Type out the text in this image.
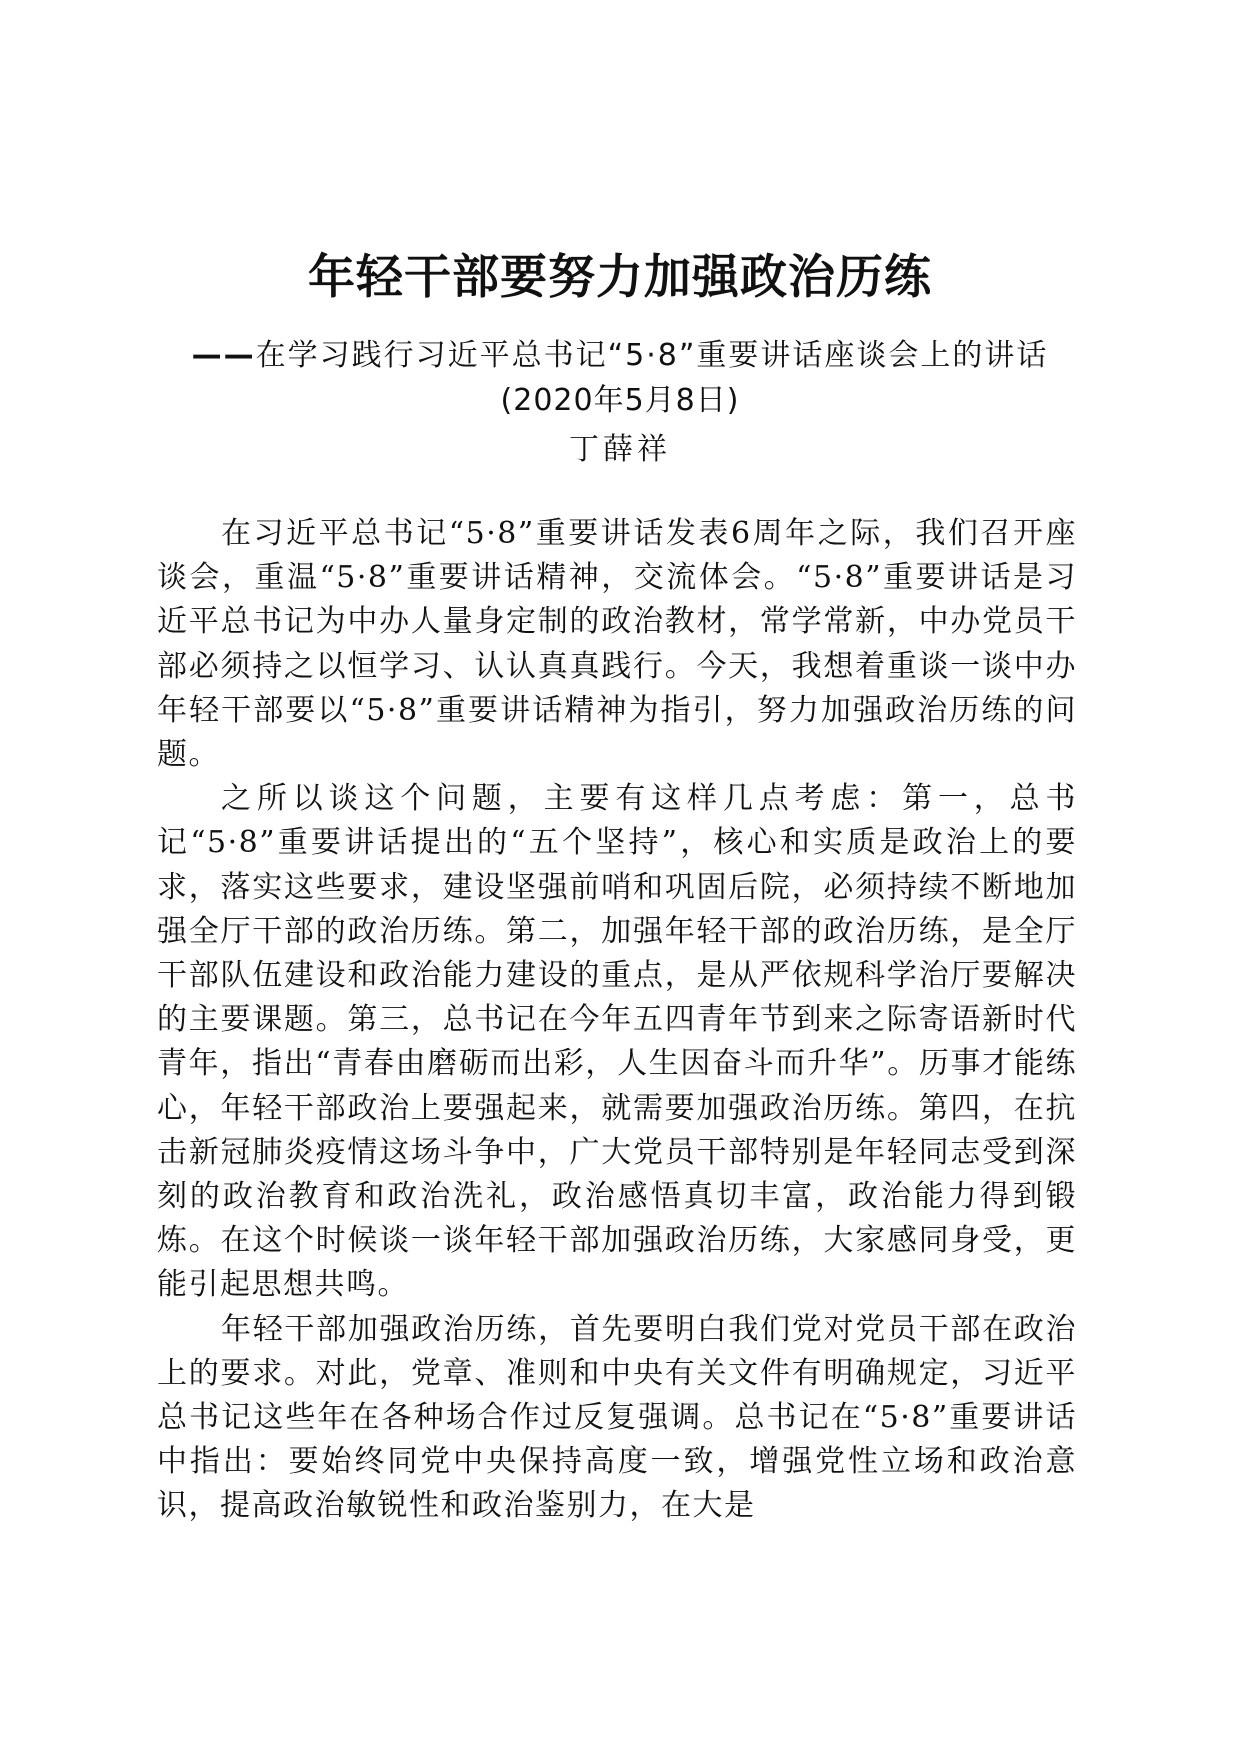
年轻干部要努力加强政治历练
——在学习践行习近平总书记“5·8”重要讲话座谈会上的讲话
(2020年5月8日)
丁薛祥

在习近平总书记“5·8”重要讲话发表6周年之际，我们召开座谈会，重温“5·8”重要讲话精神，交流体会。“5·8”重要讲话是习近平总书记为中办人量身定制的政治教材，常学常新，中办党员干部必须持之以恒学习、认认真真践行。今天，我想着重谈一谈中办年轻干部要以“5·8”重要讲话精神为指引，努力加强政治历练的问题。

之所以谈这个问题，主要有这样几点考虑：第一，总书记“5·8”重要讲话提出的“五个坚持”，核心和实质是政治上的要求，落实这些要求，建设坚强前哨和巩固后院，必须持续不断地加强全厅干部的政治历练。第二，加强年轻干部的政治历练，是全厅干部队伍建设和政治能力建设的重点，是从严依规科学治厅要解决的主要课题。第三，总书记在今年五四青年节到来之际寄语新时代青年，指出“青春由磨砺而出彩，人生因奋斗而升华”。历事才能练心，年轻干部政治上要强起来，就需要加强政治历练。第四，在抗击新冠肺炎疫情这场斗争中，广大党员干部特别是年轻同志受到深刻的政治教育和政治洗礼，政治感悟真切丰富，政治能力得到锻炼。在这个时候谈一谈年轻干部加强政治历练，大家感同身受，更能引起思想共鸣。

年轻干部加强政治历练，首先要明白我们党对党员干部在政治上的要求。对此，党章、准则和中央有关文件有明确规定，习近平总书记这些年在各种场合作过反复强调。总书记在“5·8”重要讲话中指出：要始终同党中央保持高度一致，增强党性立场和政治意识，提高政治敏锐性和政治鉴别力，在大是
